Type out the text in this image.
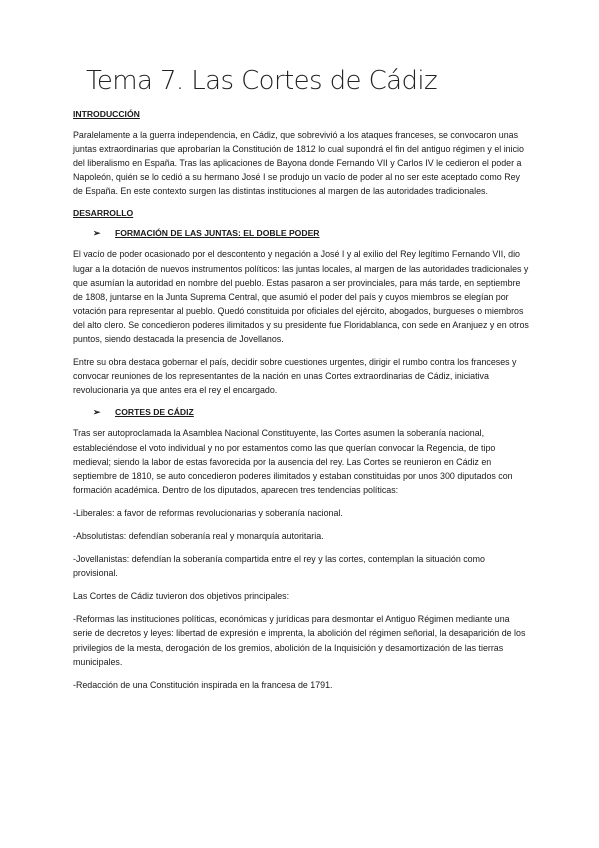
Tema 7. Las Cortes de Cádiz
INTRODUCCIÓN

Paralelamente a la guerra independencia, en Cádiz, que sobrevivió a los ataques franceses, se convocaron unas juntas extraordinarias que aprobarían la Constitución de 1812 lo cual supondrá el fin del antiguo régimen y el inicio del liberalismo en España. Tras las aplicaciones de Bayona donde Fernando VII y Carlos IV le cedieron el poder a Napoleón, quién se lo cedió a su hermano José I se produjo un vacío de poder al no ser este aceptado como Rey de España. En este contexto surgen las distintas instituciones al margen de las autoridades tradicionales.

DESARROLLO
➢ FORMACIÓN DE LAS JUNTAS: EL DOBLE PODER

El vacío de poder ocasionado por el descontento y negación a José I y al exilio del Rey legítimo Fernando VII, dio lugar a la dotación de nuevos instrumentos políticos: las juntas locales, al margen de las autoridades tradicionales y que asumían la autoridad en nombre del pueblo. Estas pasaron a ser provinciales, para más tarde, en septiembre de 1808, juntarse en la Junta Suprema Central, que asumió el poder del país y cuyos miembros se elegían por votación para representar al pueblo. Quedó constituida por oficiales del ejército, abogados, burgueses o miembros del alto clero. Se concedieron poderes ilimitados y su presidente fue Floridablanca, con sede en Aranjuez y en otros puntos, siendo destacada la presencia de Jovellanos.

Entre su obra destaca gobernar el país, decidir sobre cuestiones urgentes, dirigir el rumbo contra los franceses y convocar reuniones de los representantes de la nación en unas Cortes extraordinarias de Cádiz, iniciativa revolucionaria ya que antes era el rey el encargado.

➢ CORTES DE CÁDIZ

Tras ser autoproclamada la Asamblea Nacional Constituyente, las Cortes asumen la soberanía nacional, estableciéndose el voto individual y no por estamentos como las que querían convocar la Regencia, de tipo medieval; siendo la labor de estas favorecida por la ausencia del rey. Las Cortes se reunieron en Cádiz en septiembre de 1810, se auto concedieron poderes ilimitados y estaban constituidas por unos 300 diputados con formación académica. Dentro de los diputados, aparecen tres tendencias políticas:

-Liberales: a favor de reformas revolucionarias y soberanía nacional.

-Absolutistas: defendían soberanía real y monarquía autoritaria.

-Jovellanistas: defendían la soberanía compartida entre el rey y las cortes, contemplan la situación como provisional.

Las Cortes de Cádiz tuvieron dos objetivos principales:

-Reformas las instituciones políticas, económicas y jurídicas para desmontar el Antiguo Régimen mediante una serie de decretos y leyes: libertad de expresión e imprenta, la abolición del régimen señorial, la desaparición de los privilegios de la mesta, derogación de los gremios, abolición de la Inquisición y desamortización de las tierras municipales.

-Redacción de una Constitución inspirada en la francesa de 1791.
